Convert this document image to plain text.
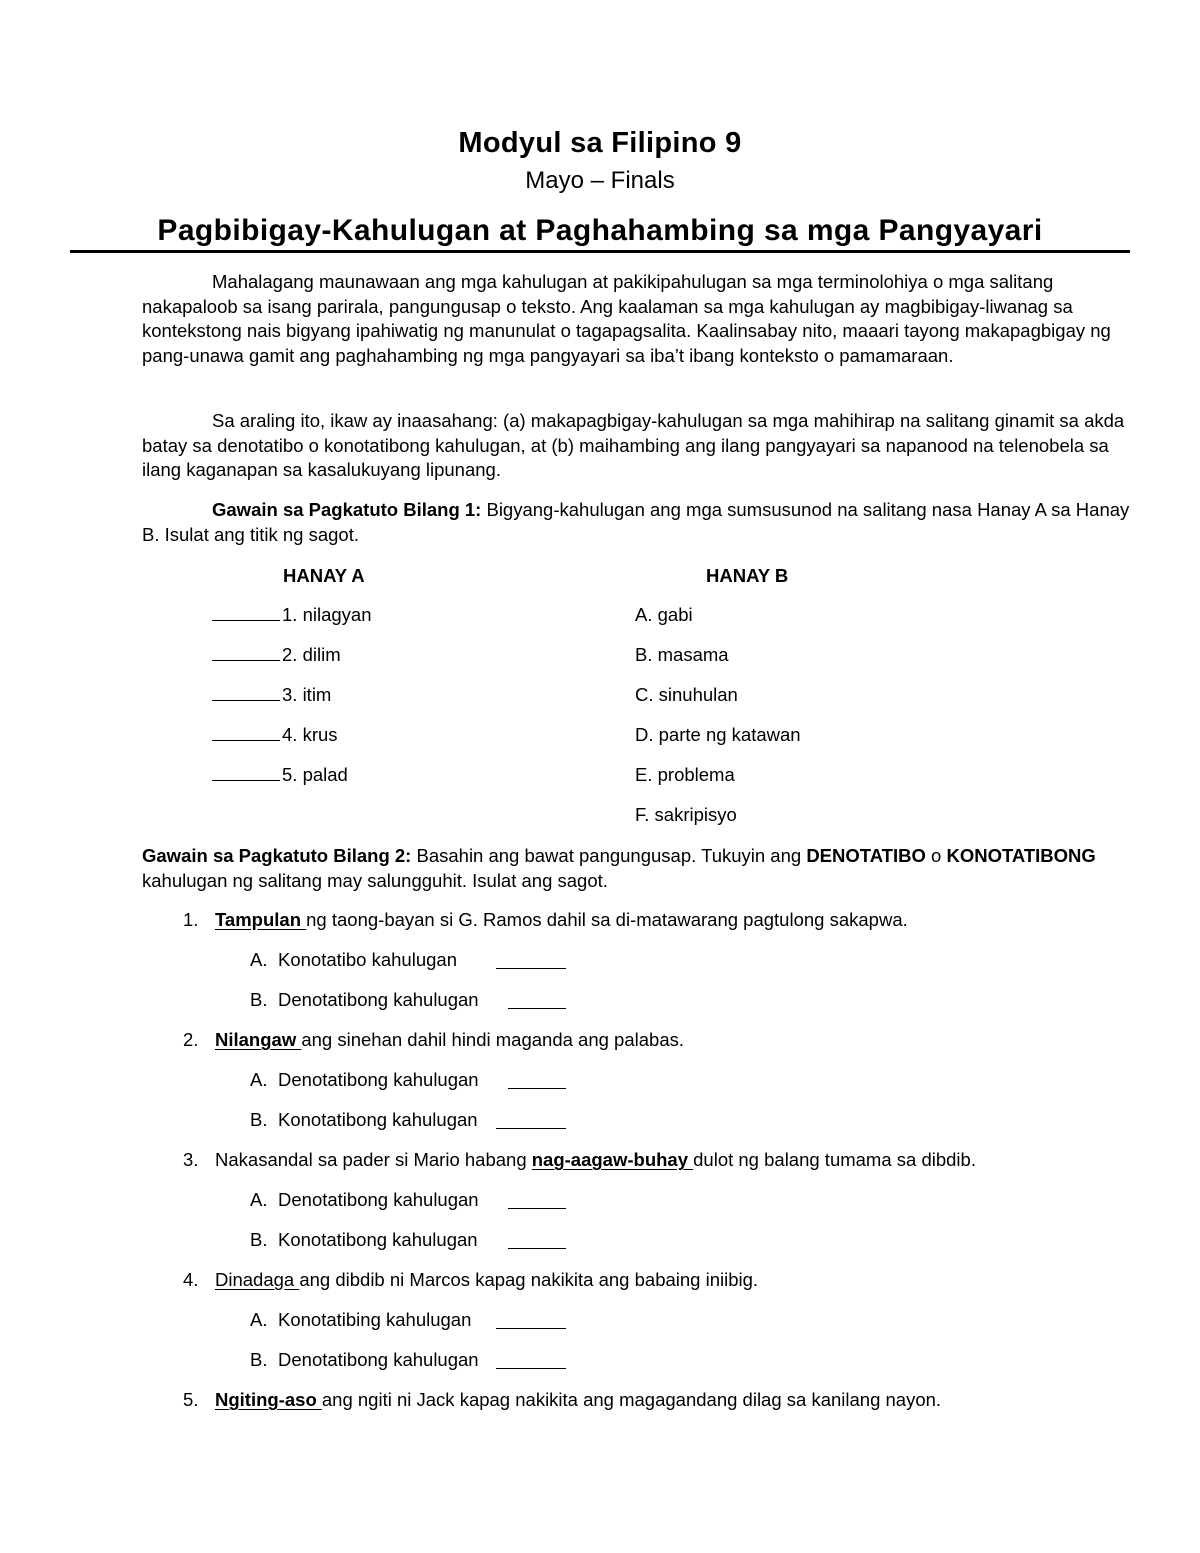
Modyul sa Filipino 9
Mayo – Finals
Pagbibigay-Kahulugan at Paghahambing sa mga Pangyayari

Mahalagang maunawaan ang mga kahulugan at pakikipahulugan sa mga terminolohiya o mga salitang nakapaloob sa isang parirala, pangungusap o teksto. Ang kaalaman sa mga kahulugan ay magbibigay-liwanag sa kontekstong nais bigyang ipahiwatig ng manunulat o tagapagsalita. Kaalinsabay nito, maaari tayong makapagbigay ng pang-unawa gamit ang paghahambing ng mga pangyayari sa iba’t ibang konteksto o pamamaraan.

Sa araling ito, ikaw ay inaasahang: (a) makapagbigay-kahulugan sa mga mahihirap na salitang ginamit sa akda batay sa denotatibo o konotatibong kahulugan, at (b) maihambing ang ilang pangyayari sa napanood na telenobela sa ilang kaganapan sa kasalukuyang lipunang.

Gawain sa Pagkatuto Bilang 1: Bigyang-kahulugan ang mga sumsusunod na salitang nasa Hanay A sa Hanay B. Isulat ang titik ng sagot.

HANAY A	HANAY B
1. nilagyan
2. dilim
3. itim
4. krus
5. palad
A. gabi
B. masama
C. sinuhulan
D. parte ng katawan
E. problema
F. sakripisyo

Gawain sa Pagkatuto Bilang 2: Basahin ang bawat pangungusap. Tukuyin ang DENOTATIBO o KONOTATIBONG kahulugan ng salitang may salungguhit. Isulat ang sagot.

1. Tampulan ng taong-bayan si G. Ramos dahil sa di-matawarang pagtulong sakapwa.
A. Konotatibo kahulugan
B. Denotatibong kahulugan
2. Nilangaw ang sinehan dahil hindi maganda ang palabas.
A. Denotatibong kahulugan
B. Konotatibong kahulugan
3. Nakasandal sa pader si Mario habang nag-aagaw-buhay dulot ng balang tumama sa dibdib.
A. Denotatibong kahulugan
B. Konotatibong kahulugan
4. Dinadaga ang dibdib ni Marcos kapag nakikita ang babaing iniibig.
A. Konotatibing kahulugan
B. Denotatibong kahulugan
5. Ngiting-aso ang ngiti ni Jack kapag nakikita ang magagandang dilag sa kanilang nayon.
